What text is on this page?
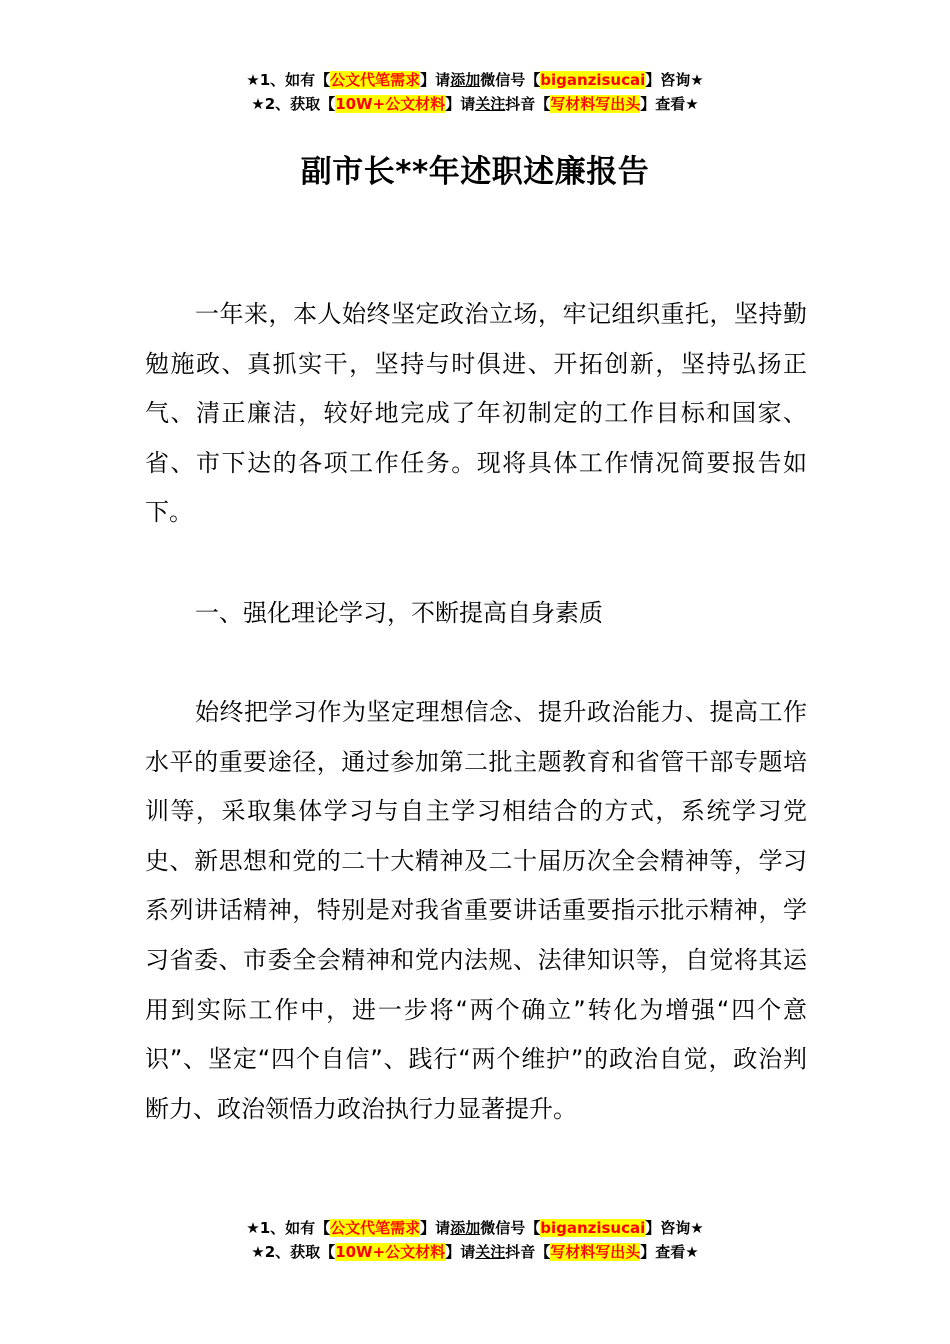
★1、如有【公文代笔需求】请添加微信号【biganzisucai】咨询★
★2、获取【10W+公文材料】请关注抖音【写材料写出头】查看★
副市长**年述职述廉报告

一年来，本人始终坚定政治立场，牢记组织重托，坚持勤勉施政、真抓实干，坚持与时俱进、开拓创新，坚持弘扬正气、清正廉洁，较好地完成了年初制定的工作目标和国家、省、市下达的各项工作任务。现将具体工作情况简要报告如下。

一、强化理论学习，不断提高自身素质

始终把学习作为坚定理想信念、提升政治能力、提高工作水平的重要途径，通过参加第二批主题教育和省管干部专题培训等，采取集体学习与自主学习相结合的方式，系统学习党史、新思想和党的二十大精神及二十届历次全会精神等，学习系列讲话精神，特别是对我省重要讲话重要指示批示精神，学习省委、市委全会精神和党内法规、法律知识等，自觉将其运用到实际工作中，进一步将“两个确立”转化为增强“四个意识”、坚定“四个自信”、践行“两个维护”的政治自觉，政治判断力、政治领悟力政治执行力显著提升。

★1、如有【公文代笔需求】请添加微信号【biganzisucai】咨询★
★2、获取【10W+公文材料】请关注抖音【写材料写出头】查看★
